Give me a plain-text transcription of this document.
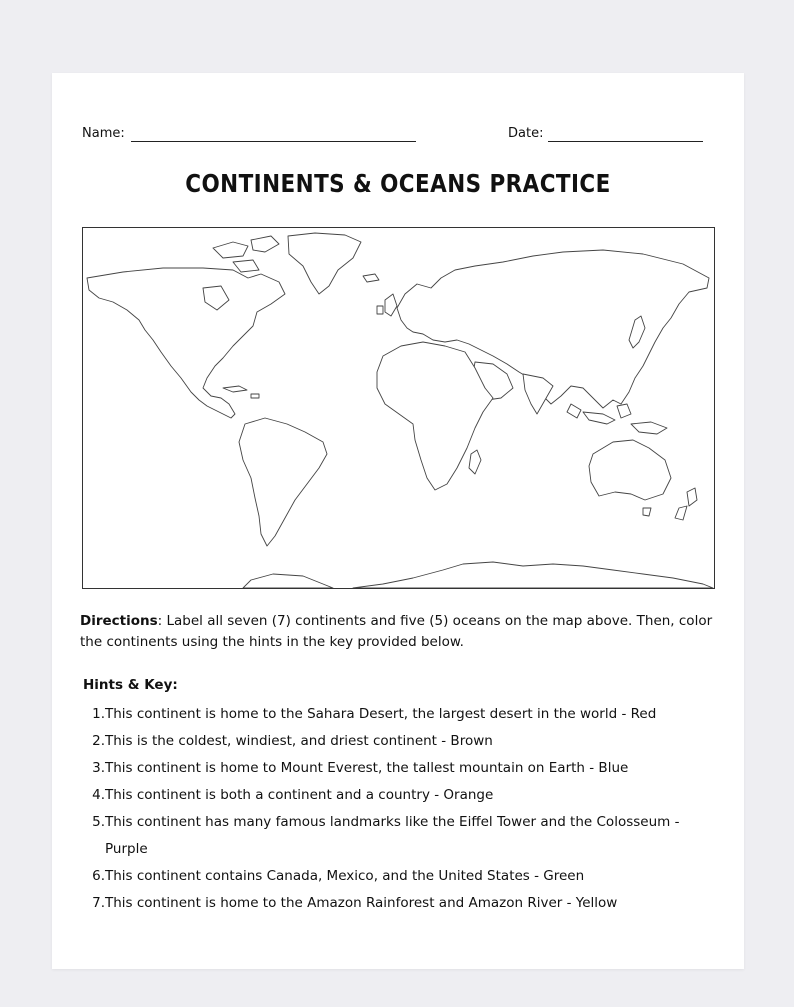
Name:	Date:
CONTINENTS & OCEANS PRACTICE
Directions: Label all seven (7) continents and five (5) oceans on the map above. Then, color the continents using the hints in the key provided below.
Hints & Key:
1. This continent is home to the Sahara Desert, the largest desert in the world - Red
2. This is the coldest, windiest, and driest continent - Brown
3. This continent is home to Mount Everest, the tallest mountain on Earth - Blue
4. This continent is both a continent and a country - Orange
5. This continent has many famous landmarks like the Eiffel Tower and the Colosseum - Purple
6. This continent contains Canada, Mexico, and the United States - Green
7. This continent is home to the Amazon Rainforest and Amazon River - Yellow
